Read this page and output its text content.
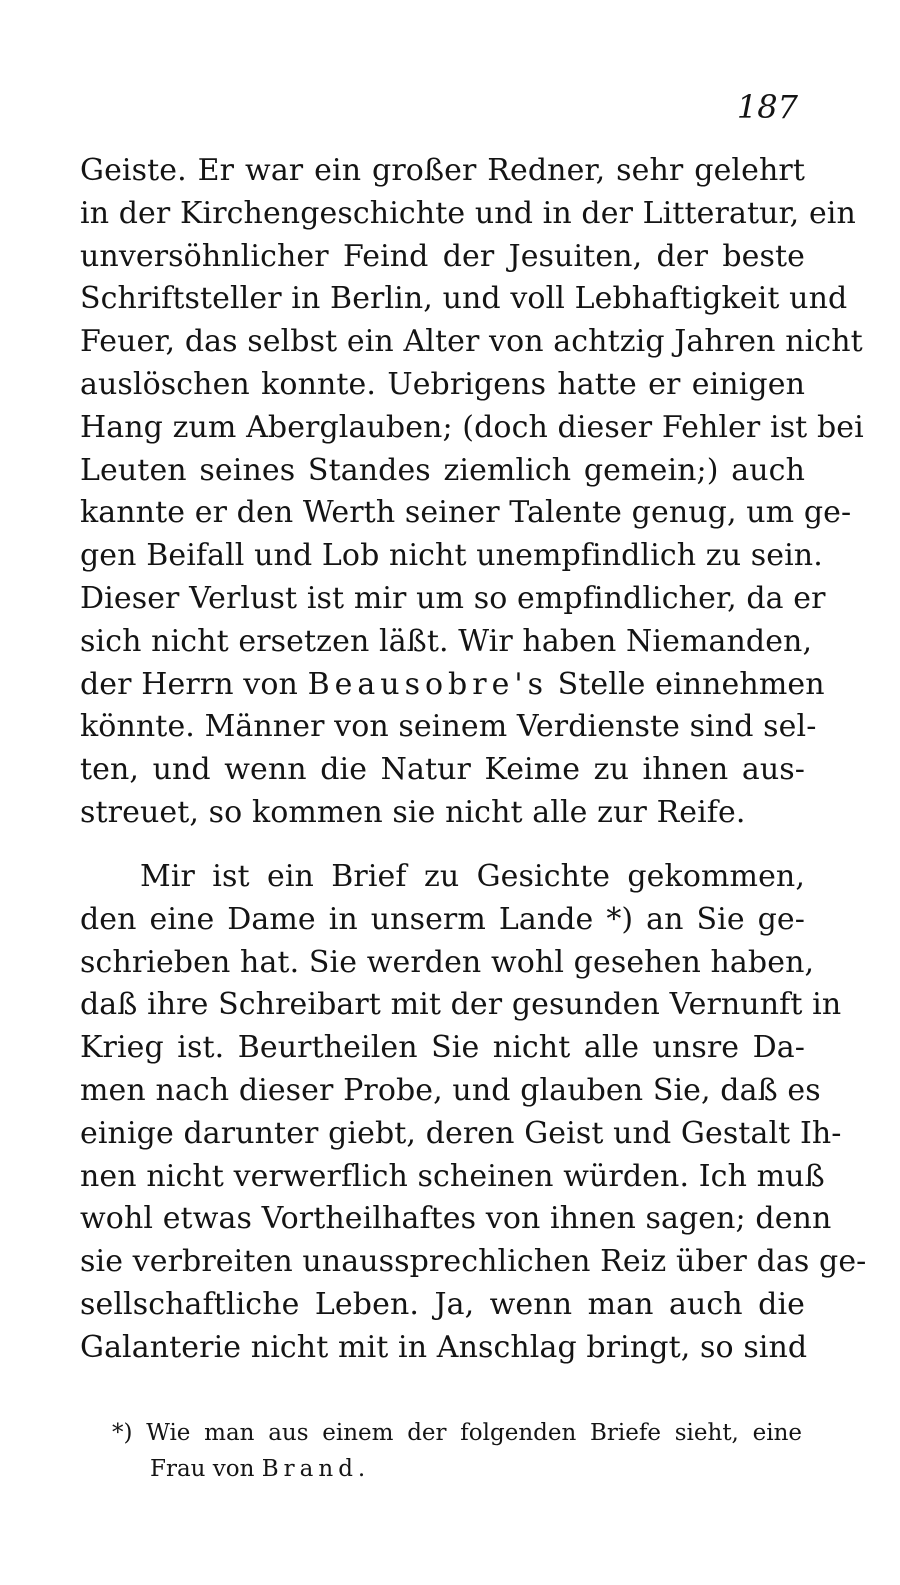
187
Geiste. Er war ein großer Redner, sehr gelehrt
in der Kirchengeschichte und in der Litteratur, ein
unversöhnlicher Feind der Jesuiten, der beste
Schriftsteller in Berlin, und voll Lebhaftigkeit und
Feuer, das selbst ein Alter von achtzig Jahren nicht
auslöschen konnte. Uebrigens hatte er einigen
Hang zum Aberglauben; (doch dieser Fehler ist bei
Leuten seines Standes ziemlich gemein;) auch
kannte er den Werth seiner Talente genug, um ge-
gen Beifall und Lob nicht unempfindlich zu sein.
Dieser Verlust ist mir um so empfindlicher, da er
sich nicht ersetzen läßt. Wir haben Niemanden,
der Herrn von Beausobre's Stelle einnehmen
könnte. Männer von seinem Verdienste sind sel-
ten, und wenn die Natur Keime zu ihnen aus-
streuet, so kommen sie nicht alle zur Reife.
Mir ist ein Brief zu Gesichte gekommen,
den eine Dame in unserm Lande *) an Sie ge-
schrieben hat. Sie werden wohl gesehen haben,
daß ihre Schreibart mit der gesunden Vernunft in
Krieg ist. Beurtheilen Sie nicht alle unsre Da-
men nach dieser Probe, und glauben Sie, daß es
einige darunter giebt, deren Geist und Gestalt Ih-
nen nicht verwerflich scheinen würden. Ich muß
wohl etwas Vortheilhaftes von ihnen sagen; denn
sie verbreiten unaussprechlichen Reiz über das ge-
sellschaftliche Leben. Ja, wenn man auch die
Galanterie nicht mit in Anschlag bringt, so sind
*) Wie man aus einem der folgenden Briefe sieht, eine
Frau von Brand.
